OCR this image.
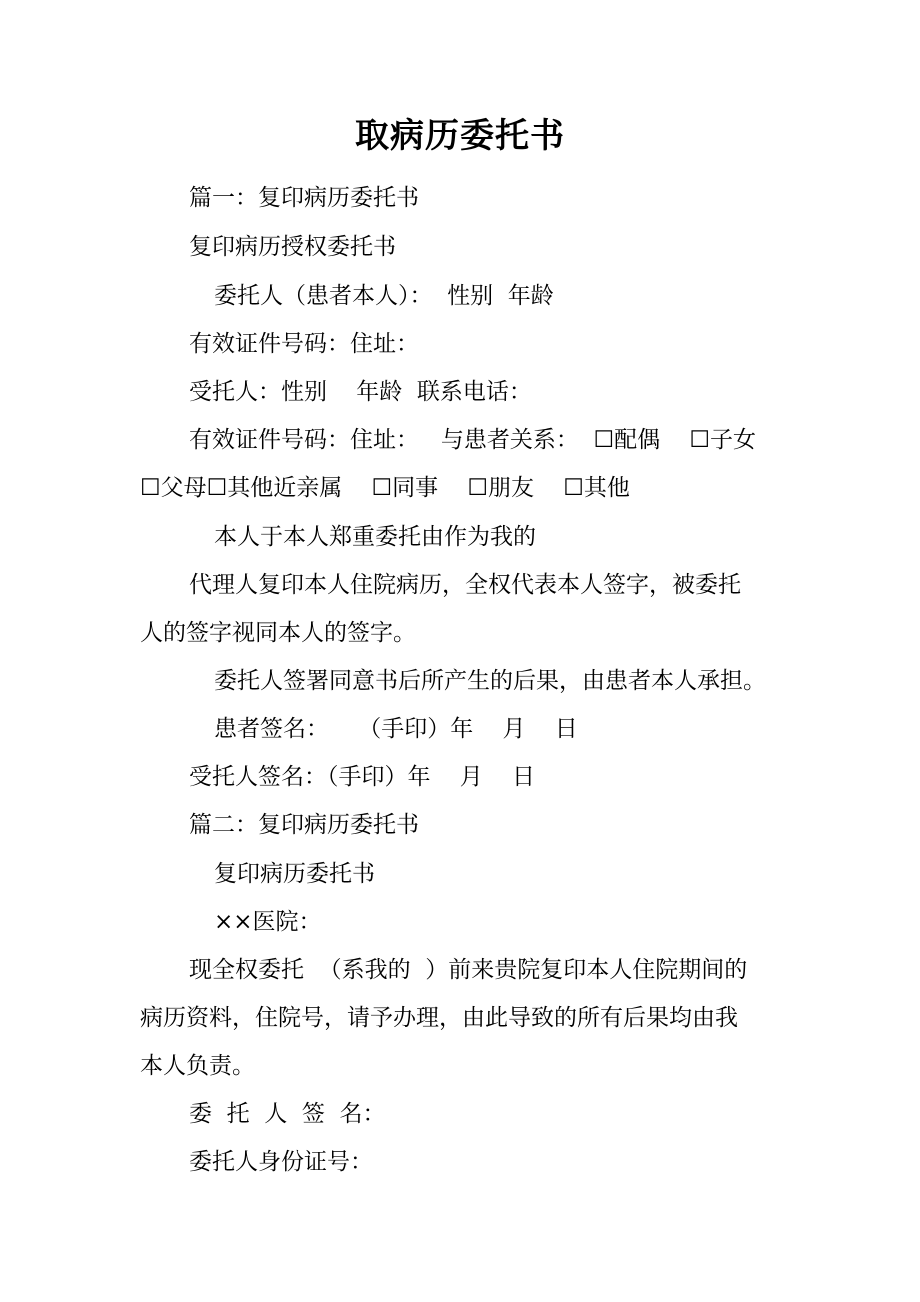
取病历委托书

篇一：复印病历委托书

复印病历授权委托书

委托人（患者本人）：  性别  年龄

有效证件号码：住址：

受托人：性别    年龄  联系电话：

有效证件号码：住址：   与患者关系：  ☐配偶    ☐子女

☐父母☐其他近亲属    ☐同事    ☐朋友    ☐其他

本人于本人郑重委托由作为我的

代理人复印本人住院病历，全权代表本人签字，被委托

人的签字视同本人的签字。

委托人签署同意书后所产生的后果，由患者本人承担。

患者签名：    （手印）年    月    日

受托人签名：（手印）年    月    日

篇二：复印病历委托书

复印病历委托书

××医院：

现全权委托  （系我的  ）前来贵院复印本人住院期间的

病历资料，住院号，请予办理，由此导致的所有后果均由我

本人负责。

委  托  人  签  名：

委托人身份证号：
